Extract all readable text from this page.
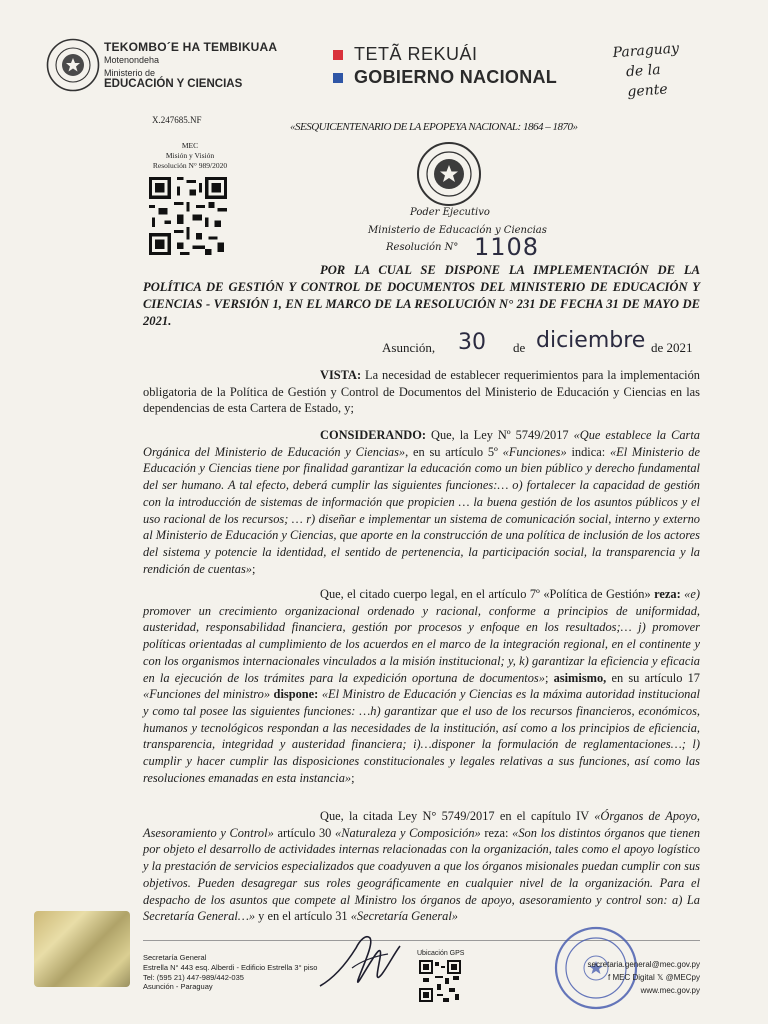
TEKOMBO´E HA TEMBIKUAA
Motenondeha
Ministerio de
EDUCACIÓN Y CIENCIAS
TETÃ REKUÁI
GOBIERNO NACIONAL
Paraguay
de la gente
X.247685.NF
«SESQUICENTENARIO DE LA EPOPEYA NACIONAL: 1864 – 1870»
MEC
Misión y Visión
Resolución N° 989/2020
Poder Ejecutivo
Ministerio de Educación y Ciencias
Resolución N° 1108
POR LA CUAL SE DISPONE LA IMPLEMENTACIÓN DE LA POLÍTICA DE GESTIÓN Y CONTROL DE DOCUMENTOS DEL MINISTERIO DE EDUCACIÓN Y CIENCIAS - VERSIÓN 1, EN EL MARCO DE LA RESOLUCIÓN N° 231 DE FECHA 31 DE MAYO DE 2021.
Asunción, 30 de diciembre de 2021
VISTA: La necesidad de establecer requerimientos para la implementación obligatoria de la Política de Gestión y Control de Documentos del Ministerio de Educación y Ciencias en las dependencias de esta Cartera de Estado, y;
CONSIDERANDO: Que, la Ley Nº 5749/2017 «Que establece la Carta Orgánica del Ministerio de Educación y Ciencias», en su artículo 5º «Funciones» indica: «El Ministerio de Educación y Ciencias tiene por finalidad garantizar la educación como un bien público y derecho fundamental del ser humano. A tal efecto, deberá cumplir las siguientes funciones:… o) fortalecer la capacidad de gestión con la introducción de sistemas de información que propicien … la buena gestión de los asuntos públicos y el uso racional de los recursos; … r) diseñar e implementar un sistema de comunicación social, interno y externo al Ministerio de Educación y Ciencias, que aporte en la construcción de una política de inclusión de los actores del sistema y potencie la identidad, el sentido de pertenencia, la participación social, la transparencia y la rendición de cuentas»;
Que, el citado cuerpo legal, en el artículo 7º «Política de Gestión» reza: «e) promover un crecimiento organizacional ordenado y racional, conforme a principios de uniformidad, austeridad, responsabilidad financiera, gestión por procesos y enfoque en los resultados;… j) promover políticas orientadas al cumplimiento de los acuerdos en el marco de la integración regional, en el continente y con los organismos internacionales vinculados a la misión institucional; y, k) garantizar la eficiencia y eficacia en la ejecución de los trámites para la expedición oportuna de documentos»; asimismo, en su artículo 17 «Funciones del ministro» dispone: «El Ministro de Educación y Ciencias es la máxima autoridad institucional y como tal posee las siguientes funciones: …h) garantizar que el uso de los recursos financieros, económicos, humanos y tecnológicos respondan a las necesidades de la institución, así como a los principios de eficiencia, transparencia, integridad y austeridad financiera; i)…disponer la formulación de reglamentaciones…; l) cumplir y hacer cumplir las disposiciones constitucionales y legales relativas a sus funciones, así como las resoluciones emanadas en esta instancia»;
Que, la citada Ley N° 5749/2017 en el capítulo IV «Órganos de Apoyo, Asesoramiento y Control» artículo 30 «Naturaleza y Composición» reza: «Son los distintos órganos que tienen por objeto el desarrollo de actividades internas relacionadas con la organización, tales como el apoyo logístico y la prestación de servicios especializados que coadyuven a que los órganos misionales puedan cumplir con sus objetivos. Pueden desagregar sus roles geográficamente en cualquier nivel de la organización. Para el despacho de los asuntos que compete al Ministro los órganos de apoyo, asesoramiento y control son: a) La Secretaría General…» y en el artículo 31 «Secretaría General»
Secretaría General
Estrella N° 443 esq. Alberdi - Edificio Estrella 3° piso
Tel: (595 21) 447-989/442-035
Asunción - Paraguay
Ubicación GPS
secretaria.general@mec.gov.py
f MEC Digital 𝕏 @MECpy
www.mec.gov.py
